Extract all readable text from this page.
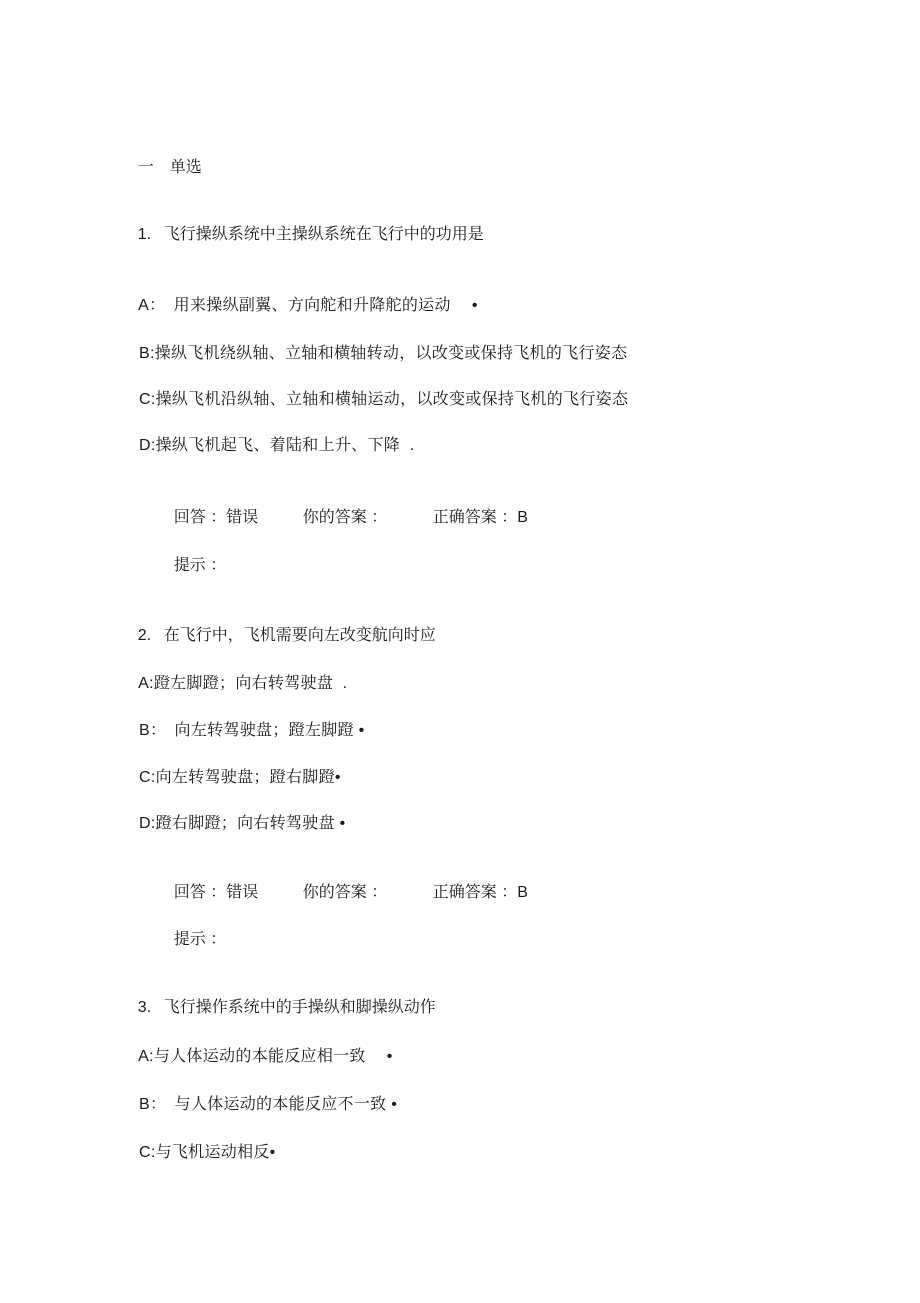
一　单选

1. 飞行操纵系统中主操纵系统在飞行中的功用是

A：　用来操纵副翼、方向舵和升降舵的运动　 •

B:操纵飞机绕纵轴、立轴和横轴转动，以改变或保持飞机的飞行姿态

C:操纵飞机沿纵轴、立轴和横轴运动，以改变或保持飞机的飞行姿态

D:操纵飞机起飞、着陆和上升、下降  .

回答 ：错误
	你的答案 ：
	正确答案 ：B

提示 ：

2. 在飞行中，飞机需要向左改变航向时应

A:蹬左脚蹬；向右转驾驶盘  .

B：　向左转驾驶盘；蹬左脚蹬 •

C:向左转驾驶盘；蹬右脚蹬•

D:蹬右脚蹬；向右转驾驶盘 •

回答 ：错误
	你的答案 ：
	正确答案 ：B

提示 ：

3. 飞行操作系统中的手操纵和脚操纵动作

A:与人体运动的本能反应相一致　 •

B：　与人体运动的本能反应不一致 •

C:与飞机运动相反•
